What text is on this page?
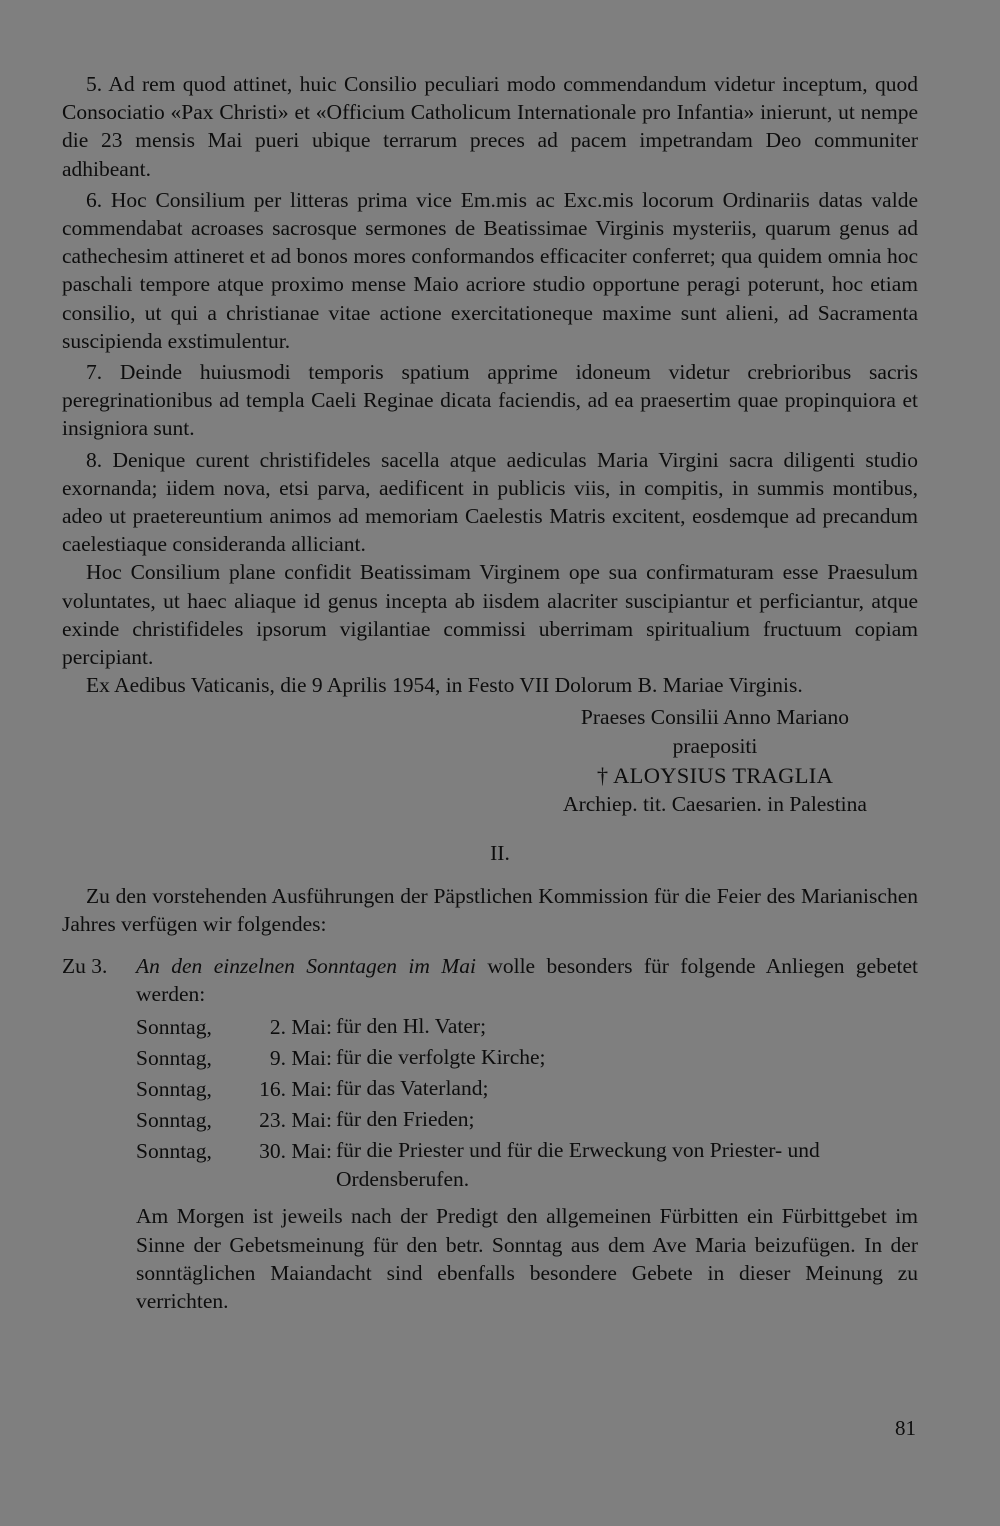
5. Ad rem quod attinet, huic Consilio peculiari modo commendandum videtur inceptum, quod Consociatio «Pax Christi» et «Officium Catholicum Internationale pro Infantia» inierunt, ut nempe die 23 mensis Mai pueri ubique terrarum preces ad pacem impetrandam Deo communiter adhibeant.

6. Hoc Consilium per litteras prima vice Em.mis ac Exc.mis locorum Ordinariis datas valde commendabat acroases sacrosque sermones de Beatissimae Virginis mysteriis, quarum genus ad cathechesim attineret et ad bonos mores conformandos efficaciter conferret; qua quidem omnia hoc paschali tempore atque proximo mense Maio acriore studio opportune peragi poterunt, hoc etiam consilio, ut qui a christianae vitae actione exercitationeque maxime sunt alieni, ad Sacramenta suscipienda exstimulentur.

7. Deinde huiusmodi temporis spatium apprime idoneum videtur crebrioribus sacris peregrinationibus ad templa Caeli Reginae dicata faciendis, ad ea praesertim quae propinquiora et insigniora sunt.

8. Denique curent christifideles sacella atque aediculas Maria Virgini sacra diligenti studio exornanda; iidem nova, etsi parva, aedificent in publicis viis, in compitis, in summis montibus, adeo ut praetereuntium animos ad memoriam Caelestis Matris excitent, eosdemque ad precandum caelestiaque consideranda alliciant.

Hoc Consilium plane confidit Beatissimam Virginem ope sua confirmaturam esse Praesulum voluntates, ut haec aliaque id genus incepta ab iisdem alacriter suscipiantur et perficiantur, atque exinde christifideles ipsorum vigilantiae commissi uberrimam spiritualium fructuum copiam percipiant.

Ex Aedibus Vaticanis, die 9 Aprilis 1954, in Festo VII Dolorum B. Mariae Virginis.

Praeses Consilii Anno Mariano
praepositi
† ALOYSIUS TRAGLIA
Archiep. tit. Caesarien. in Palestina
II.

Zu den vorstehenden Ausführungen der Päpstlichen Kommission für die Feier des Marianischen Jahres verfügen wir folgendes:

Zu 3.	An den einzelnen Sonntagen im Mai wolle besonders für folgende Anliegen gebetet werden:
Sonntag,	2. Mai: für den Hl. Vater;
Sonntag,	9. Mai: für die verfolgte Kirche;
Sonntag, 16. Mai: für das Vaterland;
Sonntag, 23. Mai: für den Frieden;
Sonntag, 30. Mai: für die Priester und für die Erweckung von Priester- und Ordensberufen.

Am Morgen ist jeweils nach der Predigt den allgemeinen Fürbitten ein Fürbittgebet im Sinne der Gebetsmeinung für den betr. Sonntag aus dem Ave Maria beizufügen. In der sonntäglichen Maiandacht sind ebenfalls besondere Gebete in dieser Meinung zu verrichten.

81
